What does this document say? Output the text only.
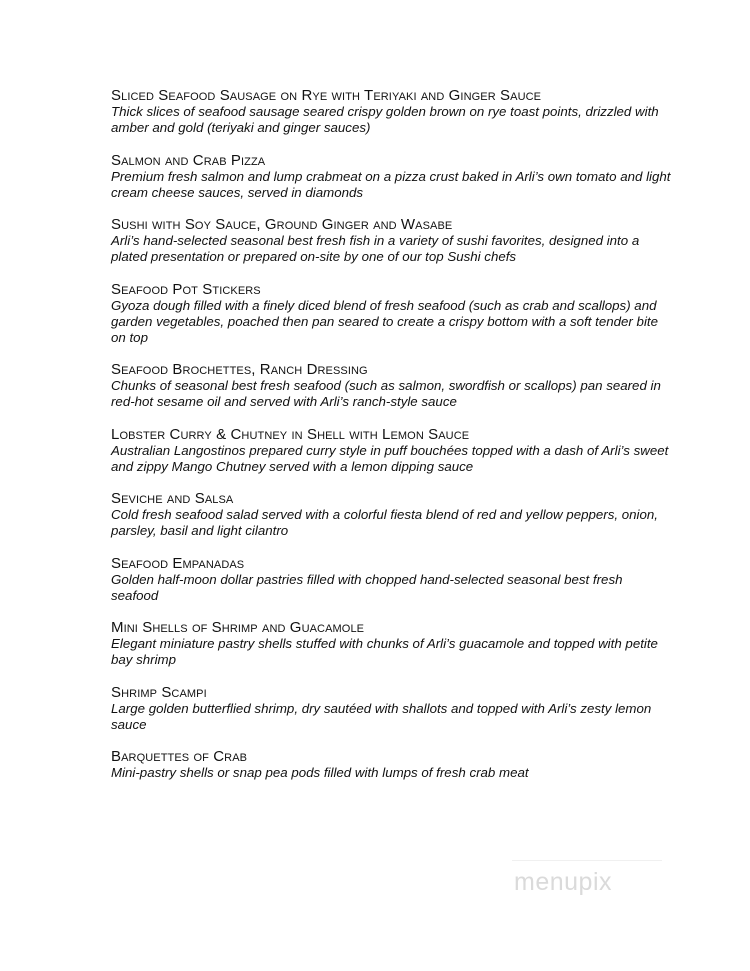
Sliced Seafood Sausage on Rye with Teriyaki and Ginger Sauce
Thick slices of seafood sausage seared crispy golden brown on rye toast points, drizzled with amber and gold (teriyaki and ginger sauces)
Salmon and Crab Pizza
Premium fresh salmon and lump crabmeat on a pizza crust baked in Arli’s own tomato and light cream cheese sauces, served in diamonds
Sushi with Soy Sauce, Ground Ginger and Wasabe
Arli’s hand-selected seasonal best fresh fish in a variety of sushi favorites, designed into a plated presentation or prepared on-site by one of our top Sushi chefs
Seafood Pot Stickers
Gyoza dough filled with a finely diced blend of fresh seafood (such as crab and scallops) and garden vegetables, poached then pan seared to create a crispy bottom with a soft tender bite on top
Seafood Brochettes, Ranch Dressing
Chunks of seasonal best fresh seafood (such as salmon, swordfish or scallops) pan seared in red-hot sesame oil and served with Arli’s ranch-style sauce
Lobster Curry & Chutney in Shell with Lemon Sauce
Australian Langostinos prepared curry style in puff bouchées topped with a dash of Arli’s sweet and zippy Mango Chutney served with a lemon dipping sauce
Seviche and Salsa
Cold fresh seafood salad served with a colorful fiesta blend of red and yellow peppers, onion, parsley, basil and light cilantro
Seafood Empanadas
Golden half-moon dollar pastries filled with chopped hand-selected seasonal best fresh seafood
Mini Shells of Shrimp and Guacamole
Elegant miniature pastry shells stuffed with chunks of Arli’s guacamole and topped with petite bay shrimp
Shrimp Scampi
Large golden butterflied shrimp, dry sautéed with shallots and topped with Arli’s zesty lemon sauce
Barquettes of Crab
Mini-pastry shells or snap pea pods filled with lumps of fresh crab meat
menupix
